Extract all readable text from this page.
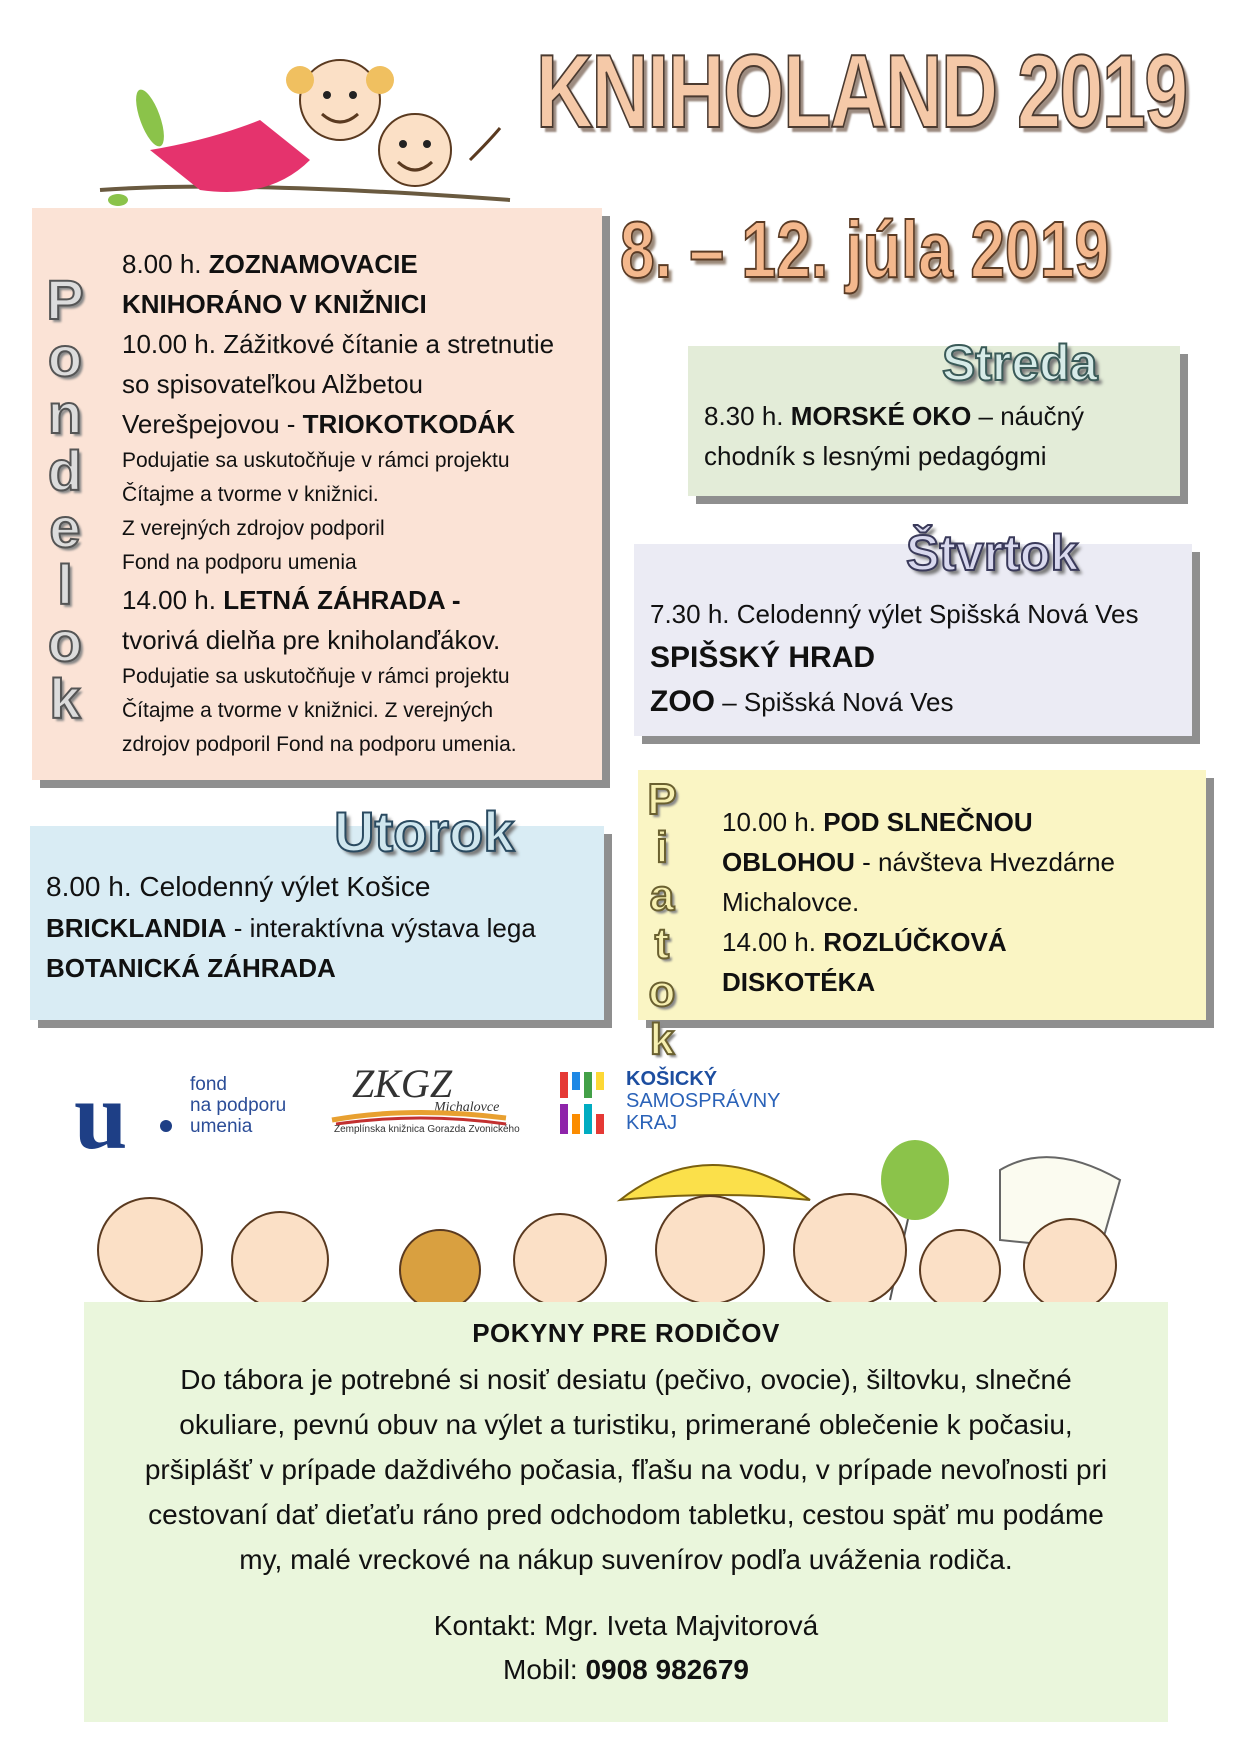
KNIHOLAND 2019
8. – 12. júla 2019
P
o
n
d
e
l
o
k
8.00 h. ZOZNAMOVACIE
KNIHORÁNO V KNIŽNICI
10.00 h. Zážitkové čítanie a stretnutie
so spisovateľkou Alžbetou
Verešpejovou - TRIOKOTKODÁK
Podujatie sa uskutočňuje v rámci projektu
Čítajme a tvorme v knižnici.
Z verejných zdrojov podporil
Fond na podporu umenia
14.00 h. LETNÁ ZÁHRADA -
tvorivá dielňa pre kniholanďákov.
Podujatie sa uskutočňuje v rámci projektu
Čítajme a tvorme v knižnici. Z verejných
zdrojov podporil Fond na podporu umenia.
Streda
8.30 h. MORSKÉ OKO – náučný
chodník s lesnými pedagógmi
Štvrtok
7.30 h. Celodenný výlet Spišská Nová Ves
SPIŠSKÝ HRAD
ZOO – Spišská Nová Ves
Utorok
8.00 h. Celodenný výlet Košice
BRICKLANDIA - interaktívna výstava lega
BOTANICKÁ ZÁHRADA
P
i
a
t
o
k
10.00 h. POD SLNEČNOU
OBLOHOU - návšteva Hvezdárne
Michalovce.
14.00 h. ROZLÚČKOVÁ
DISKOTÉKA
u	fond
na podporu
umenia
ZKGZ
Michalovce
Zemplínska knižnica Gorazda Zvonického
KOŠICKÝ
SAMOSPRÁVNY
KRAJ
POKYNY PRE RODIČOV
Do tábora je potrebné si nosiť desiatu (pečivo, ovocie), šiltovku, slnečné
okuliare, pevnú obuv na výlet a turistiku, primerané oblečenie k počasiu,
pršiplášť v prípade daždivého počasia, fľašu na vodu, v prípade nevoľnosti pri
cestovaní dať dieťaťu ráno pred odchodom tabletku, cestou späť mu podáme
my, malé vreckové na nákup suvenírov podľa uváženia rodiča.
Kontakt: Mgr. Iveta Majvitorová
Mobil: 0908 982679
